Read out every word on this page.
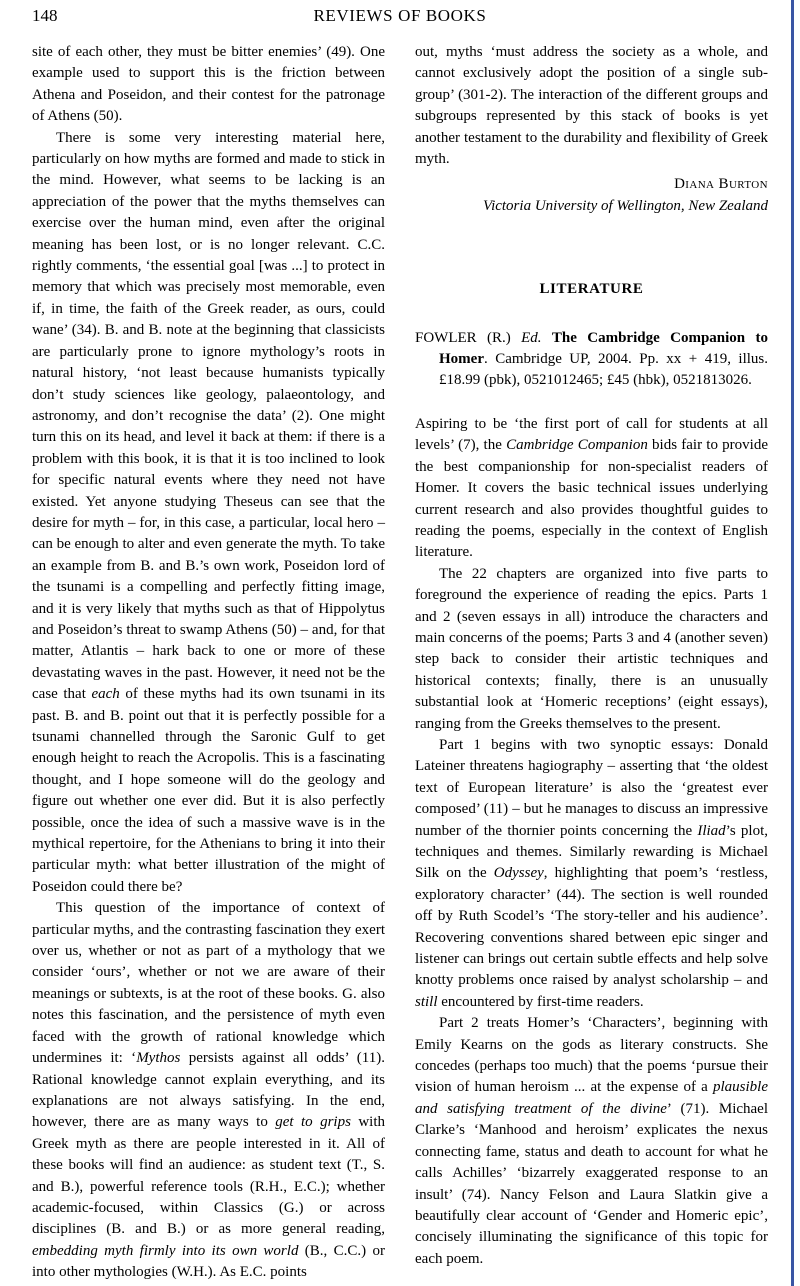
148	REVIEWS OF BOOKS

site of each other, they must be bitter enemies’ (49). One example used to support this is the friction between Athena and Poseidon, and their contest for the patronage of Athens (50).

There is some very interesting material here, particularly on how myths are formed and made to stick in the mind. However, what seems to be lacking is an appreciation of the power that the myths themselves can exercise over the human mind, even after the original meaning has been lost, or is no longer relevant. C.C. rightly comments, ‘the essential goal [was ...] to protect in memory that which was precisely most memorable, even if, in time, the faith of the Greek reader, as ours, could wane’ (34). B. and B. note at the beginning that classicists are particularly prone to ignore mythology’s roots in natural history, ‘not least because humanists typically don’t study sciences like geology, palaeontology, and astronomy, and don’t recognise the data’ (2). One might turn this on its head, and level it back at them: if there is a problem with this book, it is that it is too inclined to look for specific natural events where they need not have existed. Yet anyone studying Theseus can see that the desire for myth – for, in this case, a particular, local hero – can be enough to alter and even generate the myth. To take an example from B. and B.’s own work, Poseidon lord of the tsunami is a compelling and perfectly fitting image, and it is very likely that myths such as that of Hippolytus and Poseidon’s threat to swamp Athens (50) – and, for that matter, Atlantis – hark back to one or more of these devastating waves in the past. However, it need not be the case that each of these myths had its own tsunami in its past. B. and B. point out that it is perfectly possible for a tsunami channelled through the Saronic Gulf to get enough height to reach the Acropolis. This is a fascinating thought, and I hope someone will do the geology and figure out whether one ever did. But it is also perfectly possible, once the idea of such a massive wave is in the mythical repertoire, for the Athenians to bring it into their particular myth: what better illustration of the might of Poseidon could there be?

This question of the importance of context of particular myths, and the contrasting fascination they exert over us, whether or not as part of a mythology that we consider ‘ours’, whether or not we are aware of their meanings or subtexts, is at the root of these books. G. also notes this fascination, and the persistence of myth even faced with the growth of rational knowledge which undermines it: ‘Mythos persists against all odds’ (11). Rational knowledge cannot explain everything, and its explanations are not always satisfying. In the end, however, there are as many ways to get to grips with Greek myth as there are people interested in it. All of these books will find an audience: as student text (T., S. and B.), powerful reference tools (R.H., E.C.); whether academic-focused, within Classics (G.) or across disciplines (B. and B.) or as more general reading, embedding myth firmly into its own world (B., C.C.) or into other mythologies (W.H.). As E.C. points

out, myths ‘must address the society as a whole, and cannot exclusively adopt the position of a single sub-group’ (301-2). The interaction of the different groups and subgroups represented by this stack of books is yet another testament to the durability and flexibility of Greek myth.

Diana Burton
Victoria University of Wellington, New Zealand
LITERATURE

FOWLER (R.) Ed. The Cambridge Companion to Homer. Cambridge UP, 2004. Pp. xx + 419, illus. £18.99 (pbk), 0521012465; £45 (hbk), 0521813026.

Aspiring to be ‘the first port of call for students at all levels’ (7), the Cambridge Companion bids fair to provide the best companionship for non-specialist readers of Homer. It covers the basic technical issues underlying current research and also provides thoughtful guides to reading the poems, especially in the context of English literature.

The 22 chapters are organized into five parts to foreground the experience of reading the epics. Parts 1 and 2 (seven essays in all) introduce the characters and main concerns of the poems; Parts 3 and 4 (another seven) step back to consider their artistic techniques and historical contexts; finally, there is an unusually substantial look at ‘Homeric receptions’ (eight essays), ranging from the Greeks themselves to the present.

Part 1 begins with two synoptic essays: Donald Lateiner threatens hagiography – asserting that ‘the oldest text of European literature’ is also the ‘greatest ever composed’ (11) – but he manages to discuss an impressive number of the thornier points concerning the Iliad’s plot, techniques and themes. Similarly rewarding is Michael Silk on the Odyssey, highlighting that poem’s ‘restless, exploratory character’ (44). The section is well rounded off by Ruth Scodel’s ‘The story-teller and his audience’. Recovering conventions shared between epic singer and listener can brings out certain subtle effects and help solve knotty problems once raised by analyst scholarship – and still encountered by first-time readers.

Part 2 treats Homer’s ‘Characters’, beginning with Emily Kearns on the gods as literary constructs. She concedes (perhaps too much) that the poems ‘pursue their vision of human heroism ... at the expense of a plausible and satisfying treatment of the divine’ (71). Michael Clarke’s ‘Manhood and heroism’ explicates the nexus connecting fame, status and death to account for what he calls Achilles’ ‘bizarrely exaggerated response to an insult’ (74). Nancy Felson and Laura Slatkin give a beautifully clear account of ‘Gender and Homeric epic’, concisely illuminating the significance of this topic for each poem.
